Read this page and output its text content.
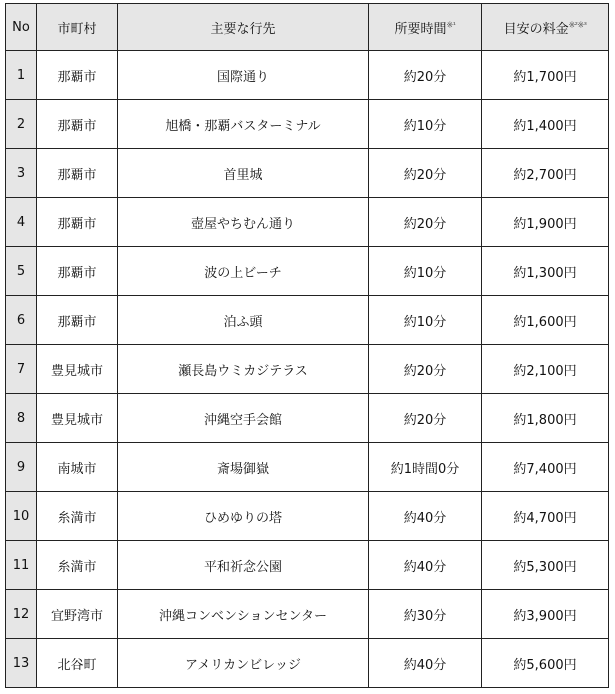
No	市町村	主要な行先	所要時間$^{※^1}$	目安の料金$^{※^2※^3}$
1	那覇市	国際通り	約20分	約1,700円
2	那覇市	旭橋・那覇バスターミナル	約10分	約1,400円
3	那覇市	首里城	約20分	約2,700円
4	那覇市	壺屋やちむん通り	約20分	約1,900円
5	那覇市	波の上ビーチ	約10分	約1,300円
6	那覇市	泊ふ頭	約10分	約1,600円
7	豊見城市	瀬長島ウミカジテラス	約20分	約2,100円
8	豊見城市	沖縄空手会館	約20分	約1,800円
9	南城市	斎場御嶽	約1時間0分	約7,400円
10	糸満市	ひめゆりの塔	約40分	約4,700円
11	糸満市	平和祈念公園	約40分	約5,300円
12	宜野湾市	沖縄コンベンションセンター	約30分	約3,900円
13	北谷町	アメリカンビレッジ	約40分	約5,600円
